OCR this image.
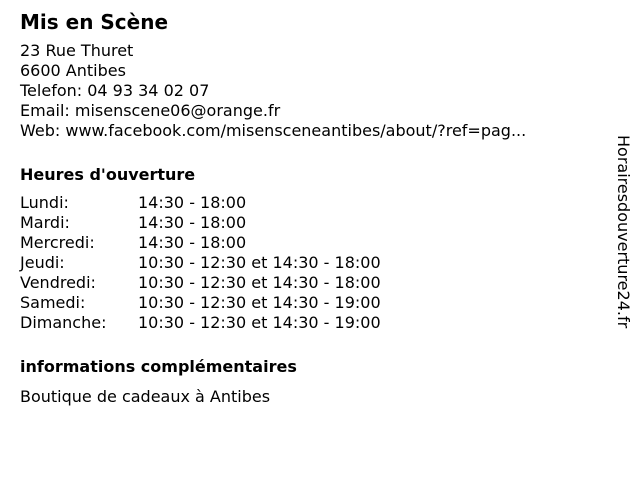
Mis en Scène
23 Rue Thuret
6600 Antibes
Telefon: 04 93 34 02 07
Email: misenscene06@orange.fr
Web: www.facebook.com/misensceneantibes/about/?ref=pag...
Heures d'ouverture
Lundi:	14:30 - 18:00
Mardi:	14:30 - 18:00
Mercredi:	14:30 - 18:00
Jeudi:	10:30 - 12:30 et 14:30 - 18:00
Vendredi:	10:30 - 12:30 et 14:30 - 18:00
Samedi:	10:30 - 12:30 et 14:30 - 19:00
Dimanche:	10:30 - 12:30 et 14:30 - 19:00
informations complémentaires
Boutique de cadeaux à Antibes
Horairesdouverture24.fr
